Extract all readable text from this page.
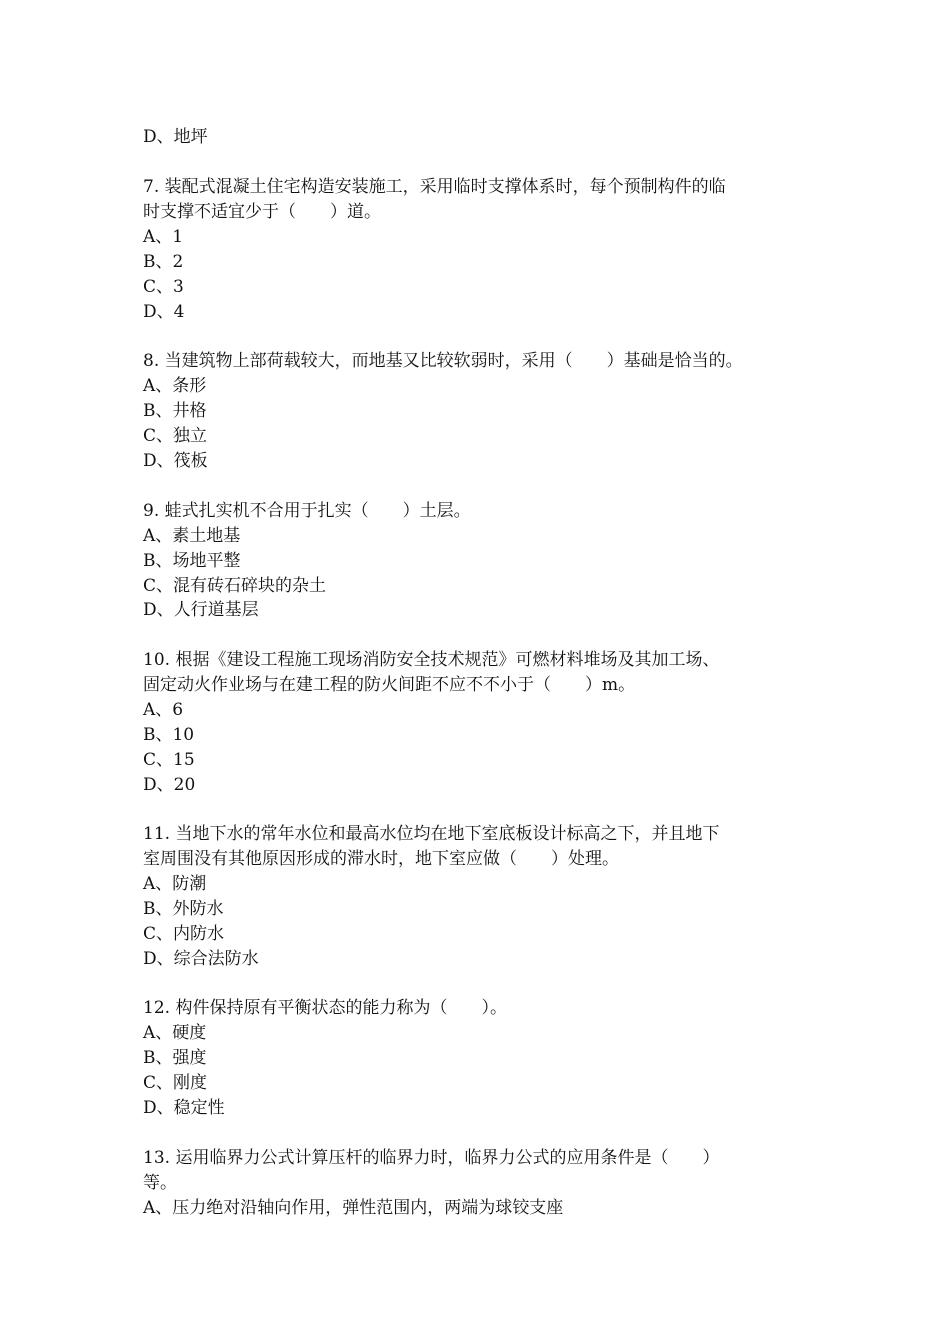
D、地坪
7. 装配式混凝土住宅构造安装施工，采用临时支撑体系时，每个预制构件的临
时支撑不适宜少于（　　）道。
A、1
B、2
C、3
D、4
8. 当建筑物上部荷载较大，而地基又比较软弱时，采用（　　）基础是恰当的。
A、条形
B、井格
C、独立
D、筏板
9. 蛙式扎实机不合用于扎实（　　）土层。
A、素土地基
B、场地平整
C、混有砖石碎块的杂土
D、人行道基层
10. 根据《建设工程施工现场消防安全技术规范》可燃材料堆场及其加工场、
固定动火作业场与在建工程的防火间距不应不不小于（　　）m。
A、6
B、10
C、15
D、20
11. 当地下水的常年水位和最高水位均在地下室底板设计标高之下，并且地下
室周围没有其他原因形成的滞水时，地下室应做（　　）处理。
A、防潮
B、外防水
C、内防水
D、综合法防水
12. 构件保持原有平衡状态的能力称为（　　）。
A、硬度
B、强度
C、刚度
D、稳定性
13. 运用临界力公式计算压杆的临界力时，临界力公式的应用条件是（　　）
等。
A、压力绝对沿轴向作用，弹性范围内，两端为球铰支座
